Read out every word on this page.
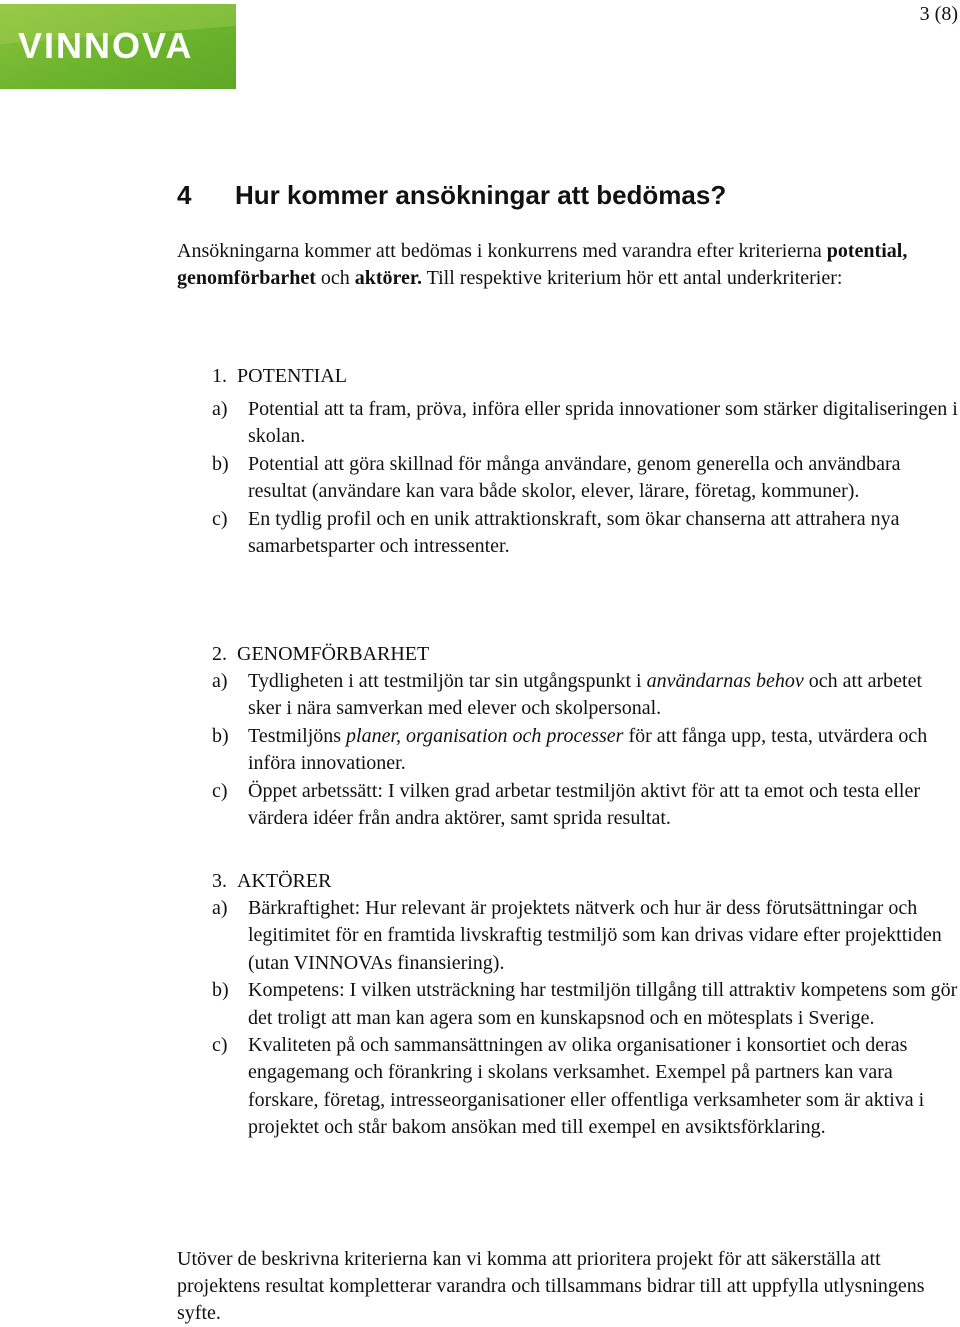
VINNOVA
3 (8)
4 Hur kommer ansökningar att bedömas?

Ansökningarna kommer att bedömas i konkurrens med varandra efter kriterierna potential, genomförbarhet och aktörer. Till respektive kriterium hör ett antal underkriterier:

1. POTENTIAL
a) Potential att ta fram, pröva, införa eller sprida innovationer som stärker digitaliseringen i skolan.
b) Potential att göra skillnad för många användare, genom generella och användbara resultat (användare kan vara både skolor, elever, lärare, företag, kommuner).
c) En tydlig profil och en unik attraktionskraft, som ökar chanserna att attrahera nya samarbetsparter och intressenter.
2. GENOMFÖRBARHET
a) Tydligheten i att testmiljön tar sin utgångspunkt i användarnas behov och att arbetet sker i nära samverkan med elever och skolpersonal.
b) Testmiljöns planer, organisation och processer för att fånga upp, testa, utvärdera och införa innovationer.
c) Öppet arbetssätt: I vilken grad arbetar testmiljön aktivt för att ta emot och testa eller värdera idéer från andra aktörer, samt sprida resultat.
3. AKTÖRER
a) Bärkraftighet: Hur relevant är projektets nätverk och hur är dess förutsättningar och legitimitet för en framtida livskraftig testmiljö som kan drivas vidare efter projekttiden (utan VINNOVAs finansiering).
b) Kompetens: I vilken utsträckning har testmiljön tillgång till attraktiv kompetens som gör det troligt att man kan agera som en kunskapsnod och en mötesplats i Sverige.
c) Kvaliteten på och sammansättningen av olika organisationer i konsortiet och deras engagemang och förankring i skolans verksamhet. Exempel på partners kan vara forskare, företag, intresseorganisationer eller offentliga verksamheter som är aktiva i projektet och står bakom ansökan med till exempel en avsiktsförklaring.

Utöver de beskrivna kriterierna kan vi komma att prioritera projekt för att säkerställa att projektens resultat kompletterar varandra och tillsammans bidrar till att uppfylla utlysningens syfte.
